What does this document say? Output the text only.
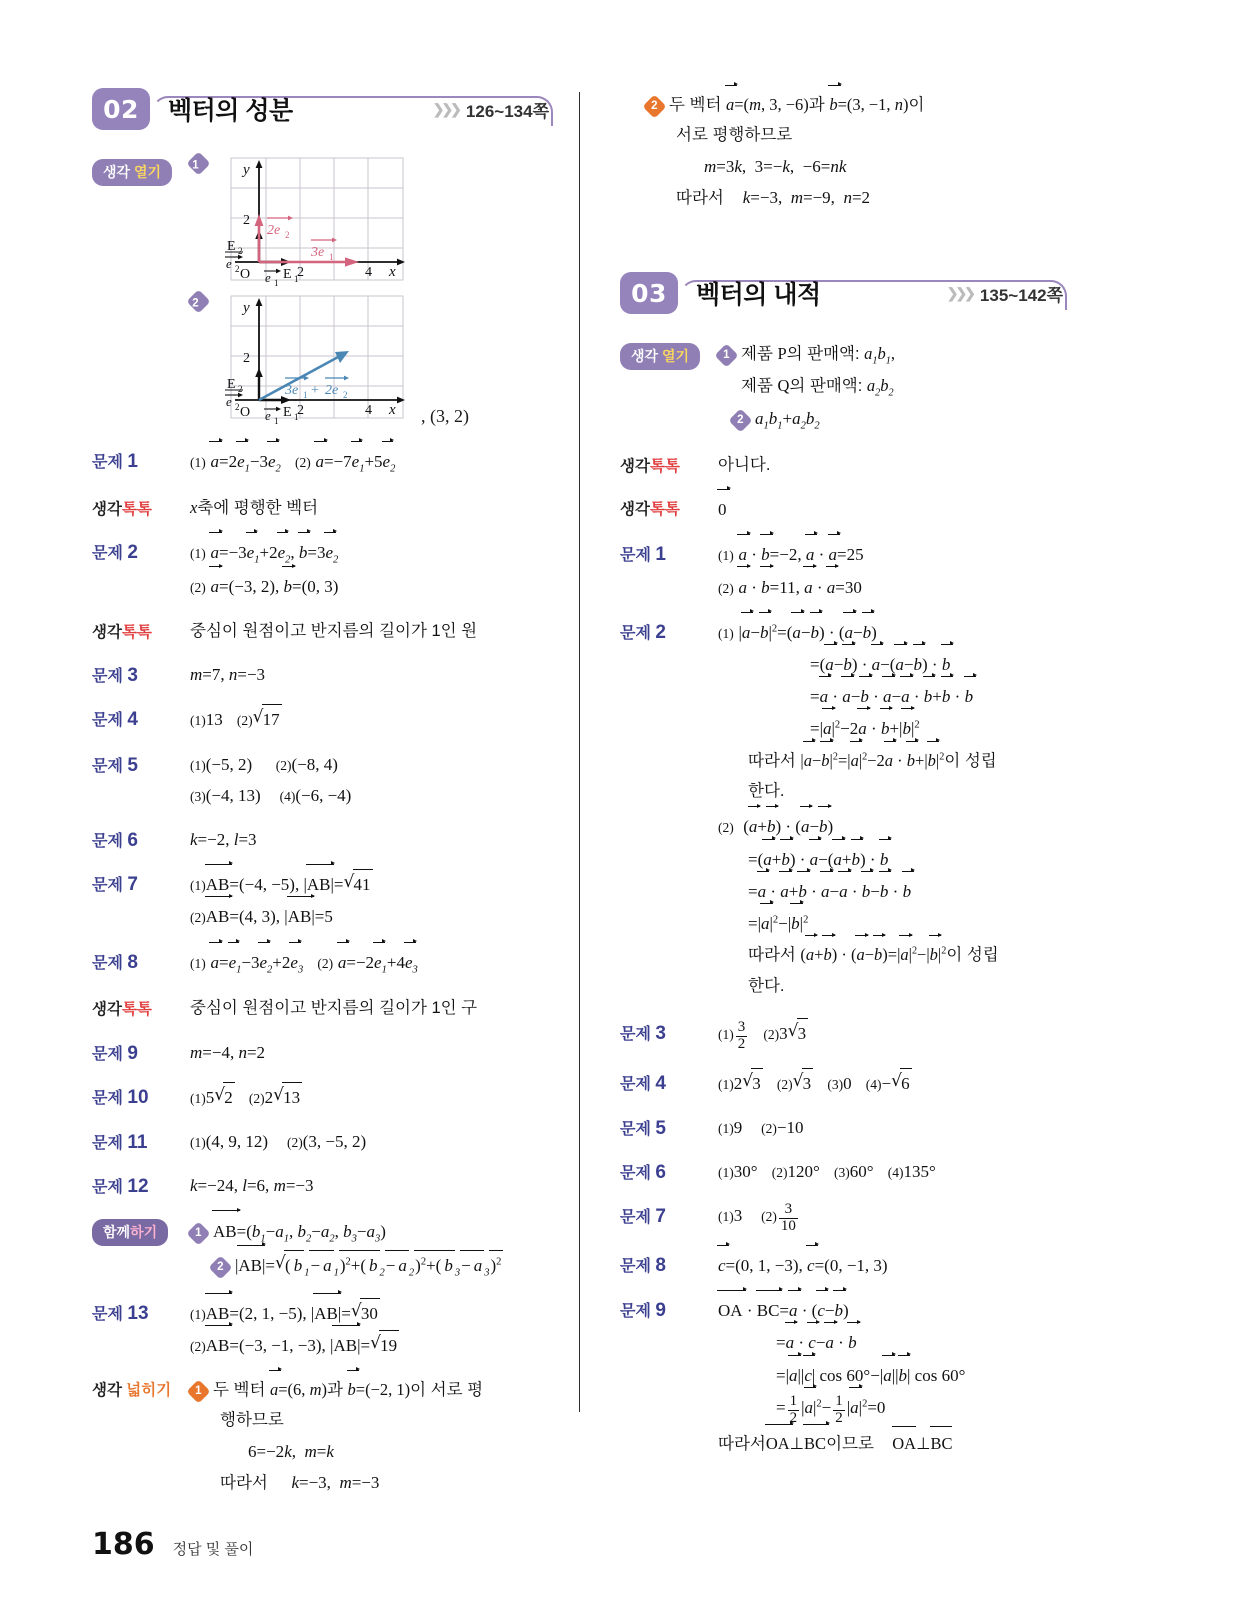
02	벡터의 성분	❯❯❯ 126~134쪽
생각 열기	1
2
2	4 x
y
O
E 2
e 2
e 1
E 1
2e 2
3e 1
2
2
2	4 x
y
O
E 2
e 2
e 1
E 1
3e 1 + 2e 2
, (3, 2)
문제 1	(1) $a=2e_1-3e_2$ (2) $a=-7e_1+5e_2$
생각톡톡	x축에 평행한 벡터
문제 2	(1) $a=-3e_1+2e_2$, $b=3e_2$
(2) a=(−3, 2), b=(0, 3)
생각톡톡	중심이 원점이고 반지름의 길이가 1인 원
문제 3	m=7, n=−3
문제 4	(1)13 (2) √ 17
문제 5	(1)(−5, 2) (2)(−8, 4)
(3)(−4, 13) (4)(−6, −4)
문제 6	k=−2, l=3
문제 7	(1)AB=(−4, −5), |AB|= √ 41
(2)AB=(4, 3), |AB|=5
문제 8	(1) $a=e_1-3e_2+2e_3$ (2) $a=-2e_1+4e_3$
생각톡톡	중심이 원점이고 반지름의 길이가 1인 구
문제 9	m=−4, n=2
문제 10	(1)5 √ 2 (2)2 √ 13
문제 11	(1)(4, 9, 12) (2)(3, −5, 2)
문제 12	k=−24, l=6, m=−3
함께하기	1 $AB=(b_1-a_1$, $b_2-a_2$, $b_3-a_3$)
2 |AB|= √ ( b $_1$− a $_1$)$^2$+( b $_2$− a $_2$)$^2$+( b $_3$− a $_3$)$^2$
문제 13	(1)AB=(2, 1, −5), |AB|= √ 30
(2)AB=(−3, −1, −3), |AB|= √ 19
생각 넓히기	1 두 벡터 a=(6, m)과 b=(−2, 1)이 서로 평
행하므로
6=−2k,  m=k
따라서 k=−3,  m=−3
2 두 벡터 a=(m, 3, −6)과 b=(3, −1, n)이
서로 평행하므로
m=3k,  3=−k,  −6=nk
따라서 k=−3,  m=−9,  n=2
03	벡터의 내적	❯❯❯ 135~142쪽
생각 열기	1 제품 P의 판매액: $a_1b_1$,
제품 Q의 판매액: $a_2b_2$
2 $a_1b_1+a_2b_2$
생각톡톡	아니다.
생각톡톡	0
문제 1	(1) a · b=−2, a · a=25
(2) a · b=11, a · a=30
문제 2	(1) $|a-b|^2=(a-b) \cdot (a-b)$
=(a−b) · a−(a−b) · b
=a · a−b · a−a · b+b · b
$=|a|^2-2a \cdot b+|b|^2$
따라서 $|a-b|^2=|a|^2-2a \cdot b+|b|^2$이 성립
한다.
(2) (a+b) · (a−b)
=(a+b) · a−(a+b) · b
=a · a+b · a−a · b−b · b
$=|a|^2-|b|^2$
따라서 $(a+b) \cdot (a-b)=|a|^2-|b|^2$이 성립
한다.
문제 3	$(1) \frac{3}{2} (2)3$ √ 3
문제 4	(1)2 √ 3 (2) √ 3 (3)0 (4)− √ 6
문제 5	(1)9 (2)−10
문제 6	(1)30° (2)120° (3)60° (4)135°
문제 7	(1)3 $(2) \frac{3}{10}$
문제 8	c=(0, 1, −3), c=(0, −1, 3)
문제 9	OA · BC=a · (c−b)
=a · c−a · b
=|a||c| cos 60°−|a||b| cos 60°
= $\frac{1}{2} |a|^2- \frac{1}{2} |a|^2=0$
따라서OA⊥BC이므로    OA⊥BC
186 정답 및 풀이
